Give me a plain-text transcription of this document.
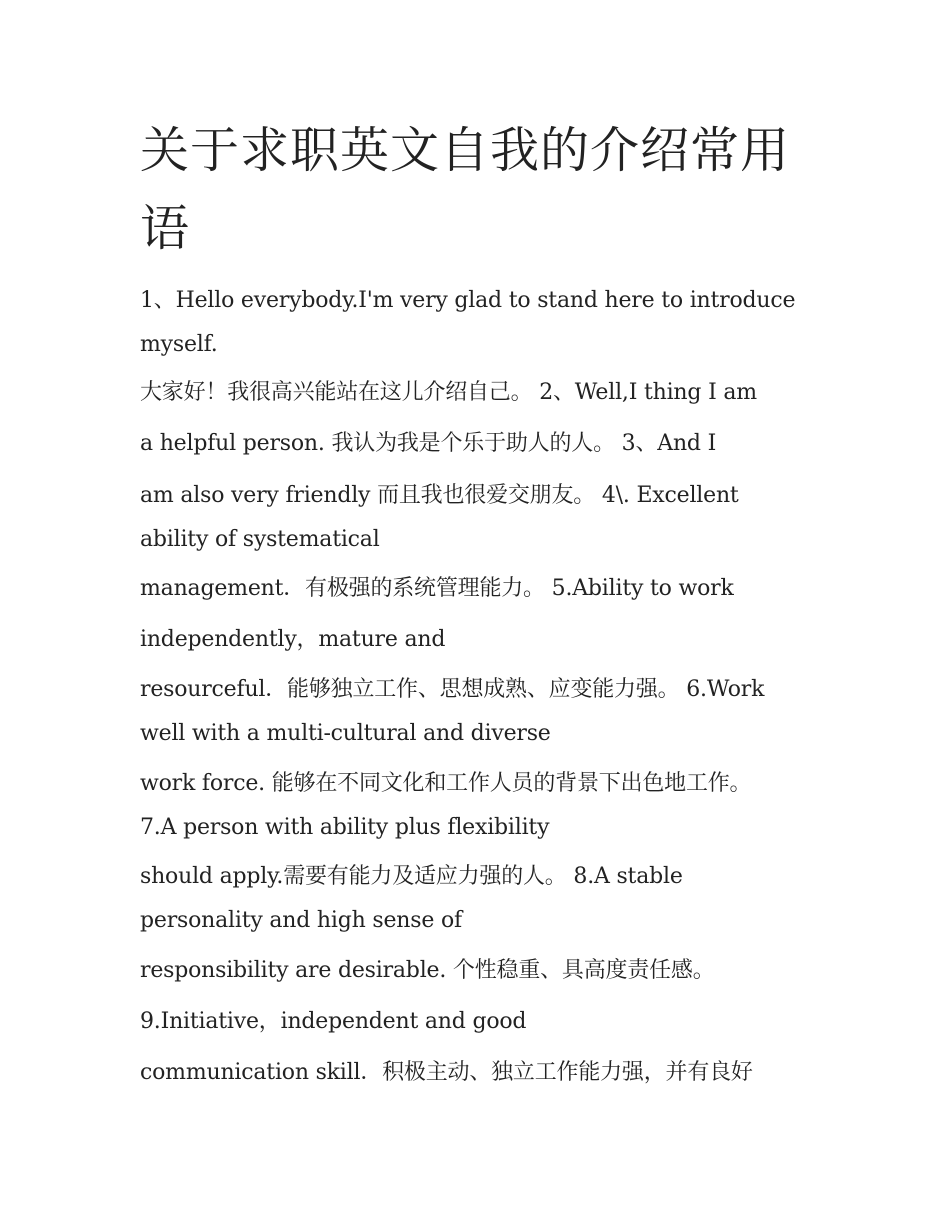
关于求职英文自我的介绍常用语

1、Hello everybody.I'm very glad to stand here to introduce

myself.

大家好！我很高兴能站在这儿介绍自己。 2、Well,I thing I am

a helpful person. 我认为我是个乐于助人的人。 3、And I

am also very friendly 而且我也很爱交朋友。 4\. Excellent

ability of systematical

management．有极强的系统管理能力。 5.Ability to work

independently，mature and

resourceful．能够独立工作、思想成熟、应变能力强。 6.Work

well with a multi-cultural and diverse

work force. 能够在不同文化和工作人员的背景下出色地工作。

7.A person with ability plus flexibility

should apply.需要有能力及适应力强的人。 8.A stable

personality and high sense of

responsibility are desirable. 个性稳重、具高度责任感。

9.Initiative，independent and good

communication skill．积极主动、独立工作能力强，并有良好
